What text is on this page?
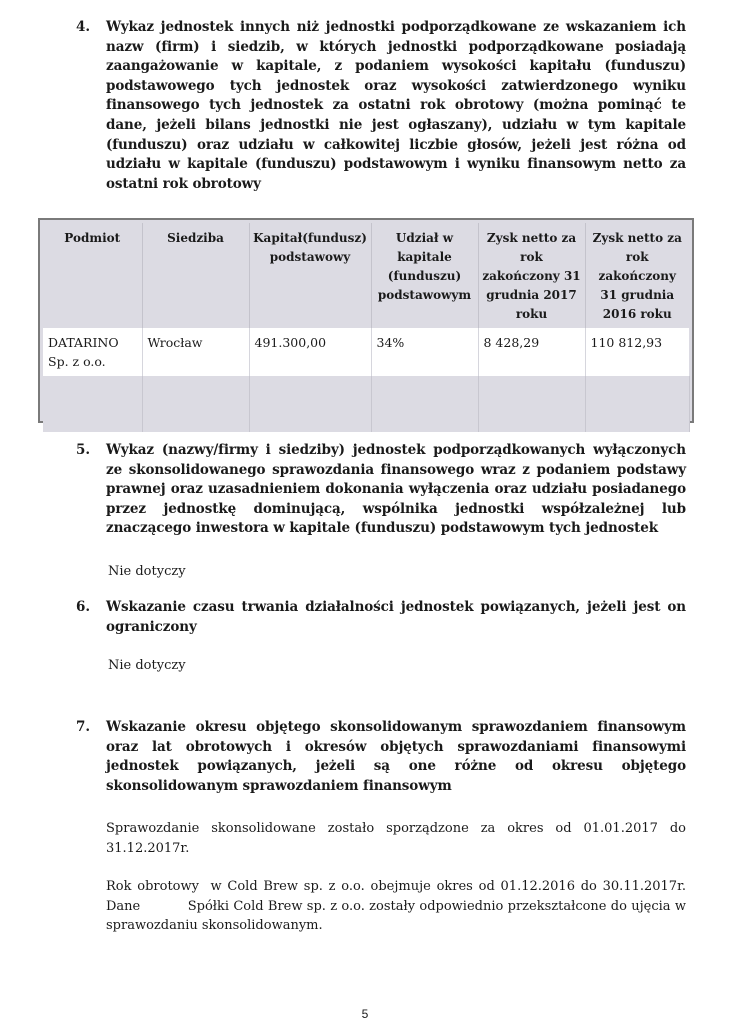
4. Wykaz jednostek innych niż jednostki podporządkowane ze wskazaniem ich nazw (firm) i siedzib, w których jednostki podporządkowane posiadają zaangażowanie w kapitale, z podaniem wysokości kapitału (funduszu) podstawowego tych jednostek oraz wysokości zatwierdzonego wyniku finansowego tych jednostek za ostatni rok obrotowy (można pominąć te dane, jeżeli bilans jednostki nie jest ogłaszany), udziału w tym kapitale (funduszu) oraz udziału w całkowitej liczbie głosów, jeżeli jest różna od udziału w kapitale (funduszu) podstawowym i wyniku finansowym netto za ostatni rok obrotowy
Podmiot	Siedziba	Kapitał(fundusz) podstawowy	Udział w kapitale (funduszu) podstawowym	Zysk netto za rok zakończony 31 grudnia 2017 roku	Zysk netto za rok zakończony 31 grudnia 2016 roku
DATARINO Sp. z o.o.	Wrocław	491.300,00	34%	8 428,29	110 812,93

5. Wykaz (nazwy/firmy i siedziby) jednostek podporządkowanych wyłączonych ze skonsolidowanego sprawozdania finansowego wraz z podaniem podstawy prawnej oraz uzasadnieniem dokonania wyłączenia oraz udziału posiadanego przez jednostkę dominującą, wspólnika jednostki współzależnej lub znaczącego inwestora w kapitale (funduszu) podstawowym tych jednostek
Nie dotyczy
6. Wskazanie czasu trwania działalności jednostek powiązanych, jeżeli jest on ograniczony
Nie dotyczy
7. Wskazanie okresu objętego skonsolidowanym sprawozdaniem finansowym oraz lat obrotowych i okresów objętych sprawozdaniami finansowymi jednostek powiązanych, jeżeli są one różne od okresu objętego skonsolidowanym sprawozdaniem finansowym
Sprawozdanie skonsolidowane zostało sporządzone za okres od 01.01.2017 do 31.12.2017r.
Rok obrotowy  w Cold Brew sp. z o.o. obejmuje okres od 01.12.2016 do 30.11.2017r. Dane           Spółki Cold Brew sp. z o.o. zostały odpowiednio przekształcone do ujęcia w sprawozdaniu skonsolidowanym.
5
